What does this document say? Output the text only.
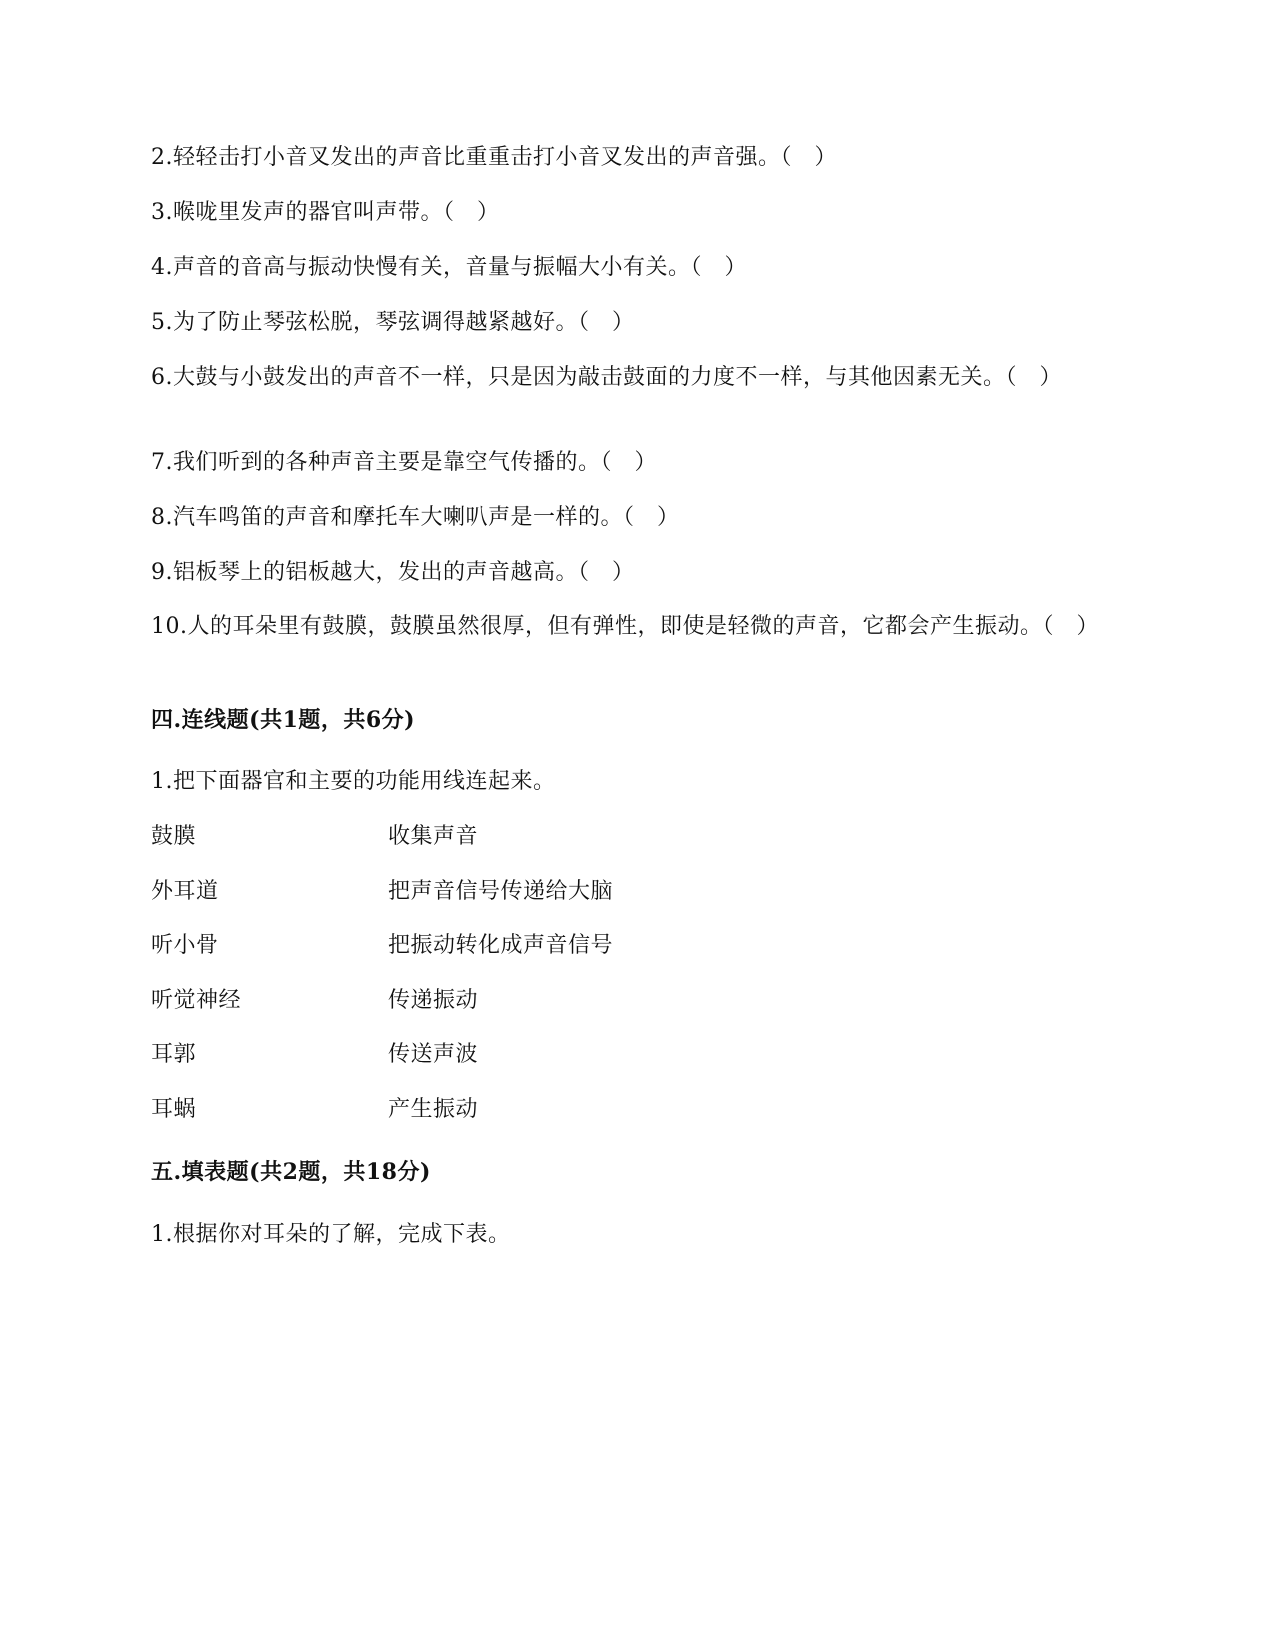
2.轻轻击打小音叉发出的声音比重重击打小音叉发出的声音强。（　）
3.喉咙里发声的器官叫声带。（　）
4.声音的音高与振动快慢有关，音量与振幅大小有关。（　）
5.为了防止琴弦松脱，琴弦调得越紧越好。（　）
6.大鼓与小鼓发出的声音不一样，只是因为敲击鼓面的力度不一样，与其他因素无关。（　）
7.我们听到的各种声音主要是靠空气传播的。（　）
8.汽车鸣笛的声音和摩托车大喇叭声是一样的。（　）
9.铝板琴上的铝板越大，发出的声音越高。（　）
10.人的耳朵里有鼓膜，鼓膜虽然很厚，但有弹性，即使是轻微的声音，它都会产生振动。（　）
四.连线题(共1题，共6分)
1.把下面器官和主要的功能用线连起来。
鼓膜	收集声音
外耳道	把声音信号传递给大脑
听小骨	把振动转化成声音信号
听觉神经	传递振动
耳郭	传送声波
耳蜗	产生振动
五.填表题(共2题，共18分)
1.根据你对耳朵的了解，完成下表。
